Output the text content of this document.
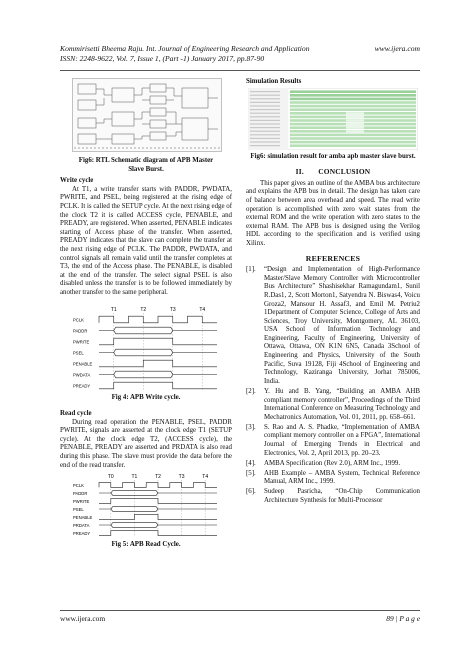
Kommirisetti Bheema Raju. Int. Journal of Engineering Research and Application	www.ijera.com
ISSN: 2248-9622, Vol. 7, Issue 1, (Part -1) January 2017, pp.87-90
Fig6: RTL Schematic diagram of APB Master Slave Burst.
Write cycle

At T1, a write transfer starts with PADDR, PWDATA, PWRITE, and PSEL, being registered at the rising edge of PCLK. It is called the SETUP cycle. At the next rising edge of the clock T2 it is called ACCESS cycle, PENABLE, and PREADY, are registered. When asserted, PENABLE indicates starting of Access phase of the transfer. When asserted, PREADY indicates that the slave can complete the transfer at the next rising edge of PCLK. The PADDR, PWDATA, and control signals all remain valid until the transfer completes at T3, the end of the Access phase. The PENABLE, is disabled at the end of the transfer. The select signal PSEL is also disabled unless the transfer is to be followed immediately by another transfer to the same peripheral.

T1	T2	T3	T4
PCLK
PADDR
PWRITE
PSEL
PENABLE
PWDATA
PREADY
Fig 4: APB Write cycle.
Read cycle

During read operation the PENABLE, PSEL, PADDR PWRITE, signals are asserted at the clock edge T1 (SETUP cycle). At the clock edge T2, (ACCESS cycle), the PENABLE, PREADY are asserted and PRDATA is also read during this phase. The slave must provide the data before the end of the read transfer.

T0	T1	T2	T3	T4
PCLK
PADDR
PWRITE
PSEL
PENABLE
PRDATA
PREADY
Fig 5: APB Read Cycle.
Simulation Results
Fig6: simulation result for amba apb master slave burst.
II.       CONCLUSION

This paper gives an outline of the AMBA bus architecture and explains the APB bus in detail. The design has taken care of balance between area overhead and speed. The read write operation is accomplished with zero wait states from the external ROM and the write operation with zero states to the external RAM. The APB bus is designed using the Verilog HDL according to the specification and is verified using Xilinx.

REFERENCES
[1].	“Design and Implementation of High-Performance Master/Slave Memory Controller with Microcontroller Bus Architecture” Shashisekhar Ramagundam1, Sunil R.Das1, 2, Scott Morton1, Satyendra N. Biswas4, Voicu Groza2, Mansour H. Assaf3, and Emil M. Petriu2 1Department of Computer Science, College of Arts and Sciences, Troy University, Montgomery, AL 36103, USA School of Information Technology and Engineering, Faculty of Engineering, University of Ottawa, Ottawa, ON K1N 6N5, Canada 3School of Engineering and Physics, University of the South Pacific, Suva 19128, Fiji 4School of Engineering and Technology, Kaziranga University, Jorhat 785006, India.
[2].	Y. Hu and B. Yang, “Building an AMBA AHB compliant memory controller”, Proceedings of the Third International Conference on Measuring Technology and Mechatronics Automation, Vol. 01, 2011, pp. 658–661.
[3].	S. Rao and A. S. Phadke, “Implementation of AMBA compliant memory controller on a FPGA”, International Journal of Emerging Trends in Electrical and Electronics, Vol. 2, April 2013, pp. 20–23.
[4].	AMBA Specification (Rev 2.0), ARM Inc., 1999.
[5].	AHB Example – AMBA System, Technical Reference Manual, ARM Inc., 1999.
[6].	Sudeep Pasricha, “On-Chip Communication Architecture Synthesis for Multi-Processor
www.ijera.com	89 | P a g e
